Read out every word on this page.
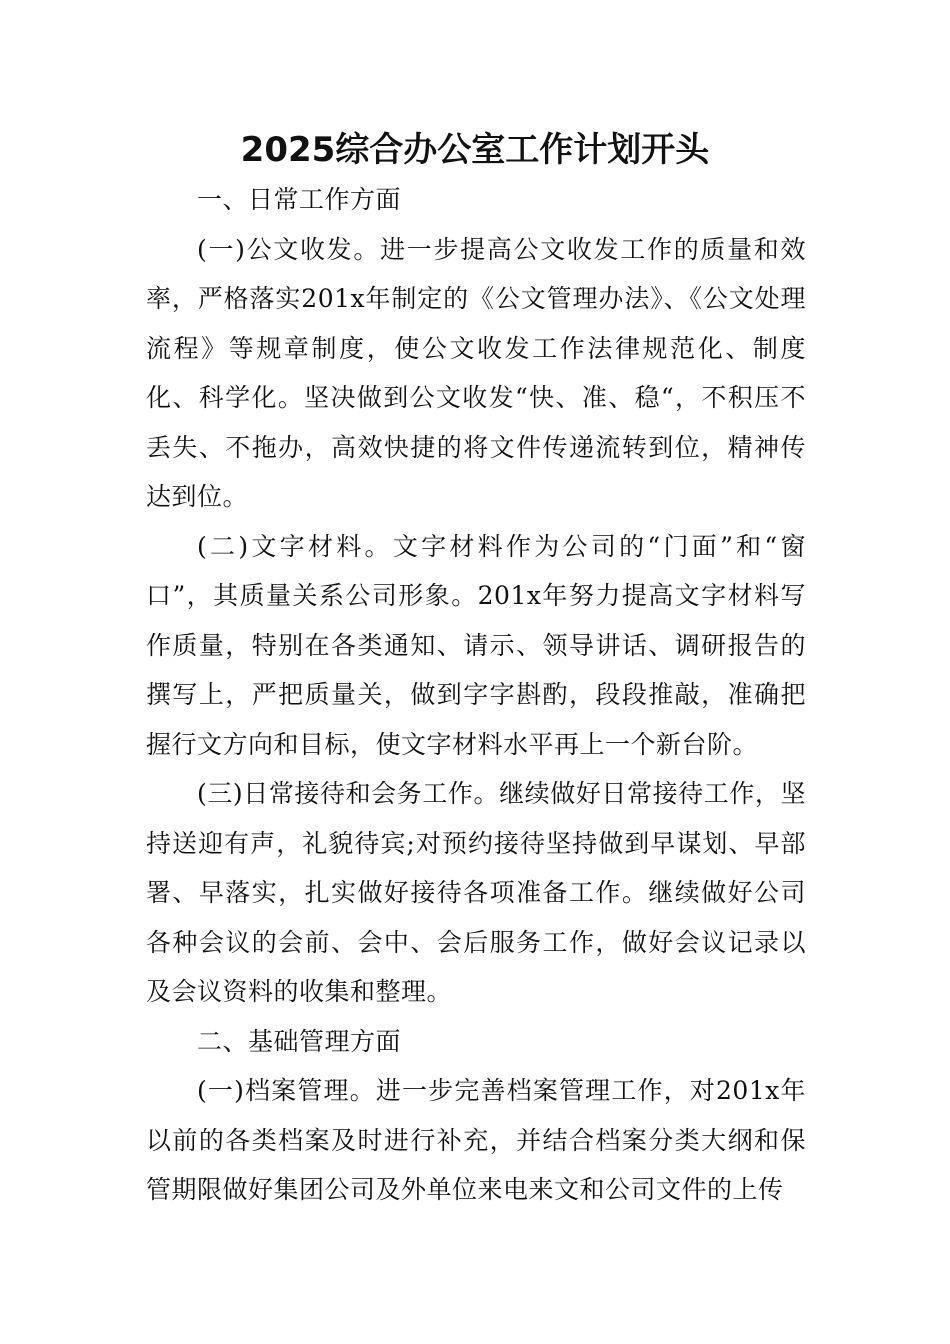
2025综合办公室工作计划开头

一、日常工作方面

(一)公文收发。进一步提高公文收发工作的质量和效率，严格落实201x年制定的《公文管理办法》、《公文处理流程》等规章制度，使公文收发工作法律规范化、制度化、科学化。坚决做到公文收发“快、准、稳“，不积压不丢失、不拖办，高效快捷的将文件传递流转到位，精神传达到位。

(二)文字材料。文字材料作为公司的“门面”和“窗口”，其质量关系公司形象。201x年努力提高文字材料写作质量，特别在各类通知、请示、领导讲话、调研报告的撰写上，严把质量关，做到字字斟酌，段段推敲，准确把握行文方向和目标，使文字材料水平再上一个新台阶。

(三)日常接待和会务工作。继续做好日常接待工作，坚持送迎有声，礼貌待宾;对预约接待坚持做到早谋划、早部署、早落实，扎实做好接待各项准备工作。继续做好公司各种会议的会前、会中、会后服务工作，做好会议记录以及会议资料的收集和整理。

二、基础管理方面

(一)档案管理。进一步完善档案管理工作，对201x年以前的各类档案及时进行补充，并结合档案分类大纲和保管期限做好集团公司及外单位来电来文和公司文件的上传
